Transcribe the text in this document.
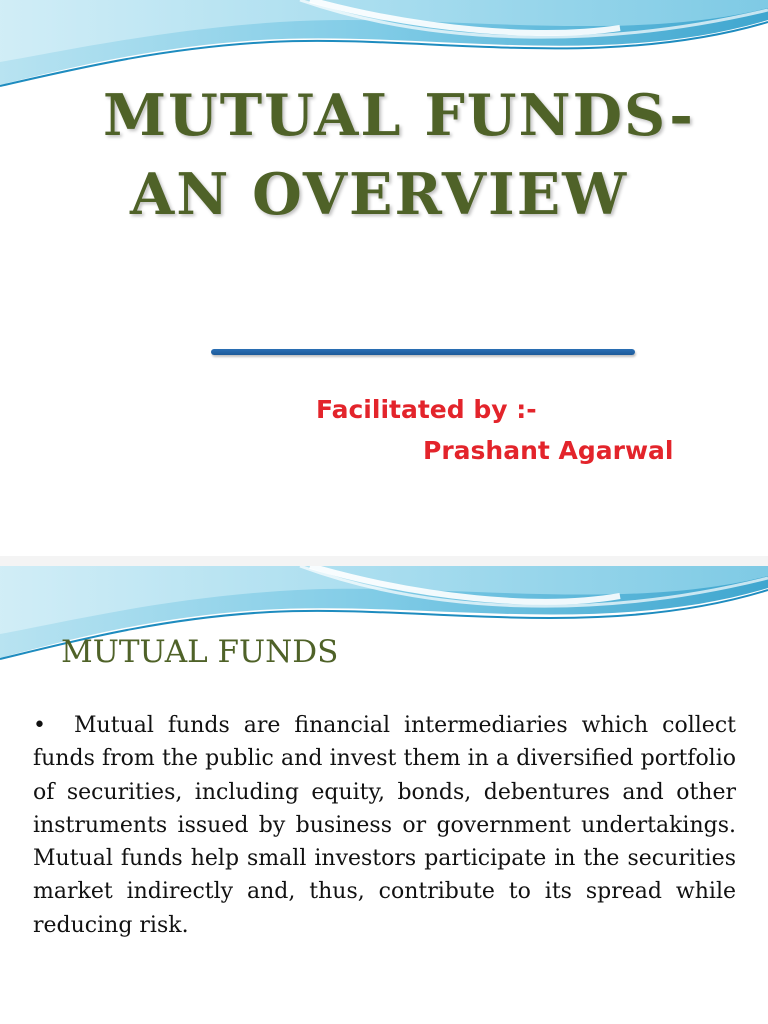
MUTUAL FUNDS-
AN OVERVIEW
Facilitated by :-
Prashant Agarwal
MUTUAL FUNDS

• Mutual funds are financial intermediaries which collect funds from the public and invest them in a diversified portfolio of securities, including equity, bonds, debentures and other instruments issued by business or government undertakings. Mutual funds help small investors participate in the securities market indirectly and, thus, contribute to its spread while reducing risk.
